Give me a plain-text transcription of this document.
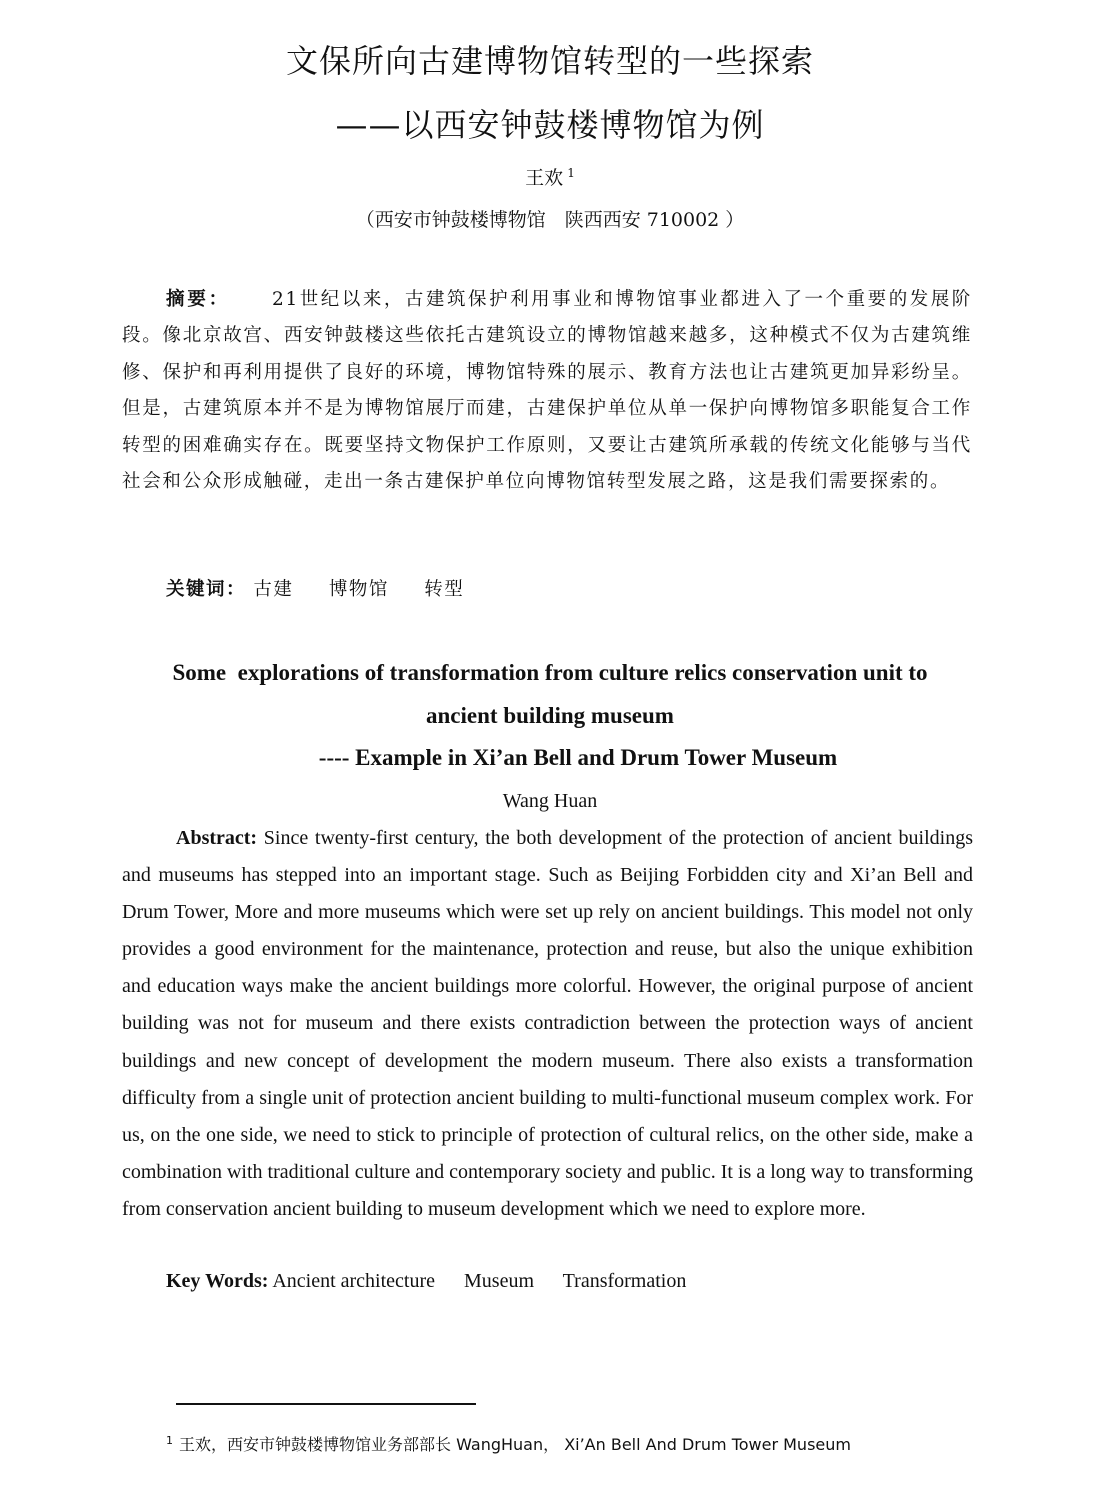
文保所向古建博物馆转型的一些探索
——以西安钟鼓楼博物馆为例
王欢 $^1$
（西安市钟鼓楼博物馆　陕西西安 710002 ）
摘要： 21世纪以来，古建筑保护利用事业和博物馆事业都进入了一个重要的发展阶段。像北京故宫、西安钟鼓楼这些依托古建筑设立的博物馆越来越多，这种模式不仅为古建筑维修、保护和再利用提供了良好的环境，博物馆特殊的展示、教育方法也让古建筑更加异彩纷呈。但是，古建筑原本并不是为博物馆展厅而建，古建保护单位从单一保护向博物馆多职能复合工作转型的困难确实存在。既要坚持文物保护工作原则，又要让古建筑所承载的传统文化能够与当代社会和公众形成触碰，走出一条古建保护单位向博物馆转型发展之路，这是我们需要探索的。
关键词： 古建 博物馆 转型
Some  explorations of transformation from culture relics conservation unit to
ancient building museum
---- Example in Xi’an Bell and Drum Tower Museum
Wang Huan
Abstract: Since twenty-first century, the both development of the protection of ancient buildings and museums has stepped into an important stage. Such as Beijing Forbidden city and Xi’an Bell and Drum Tower, More and more museums which were set up rely on ancient buildings. This model not only provides a good environment for the maintenance, protection and reuse, but also the unique exhibition and education ways make the ancient buildings more colorful. However, the original purpose of ancient building was not for museum and there exists contradiction between the protection ways of ancient buildings and new concept of development the modern museum. There also exists a transformation difficulty from a single unit of protection ancient building to multi-functional museum complex work. For us, on the one side, we need to stick to principle of protection of cultural relics, on the other side, make a combination with traditional culture and contemporary society and public. It is a long way to transforming from conservation ancient building to museum development which we need to explore more.
Key Words: Ancient architecture Museum Transformation
$^1$ 王欢，西安市钟鼓楼博物馆业务部部长 WangHuan， Xi’An Bell And Drum Tower Museum
